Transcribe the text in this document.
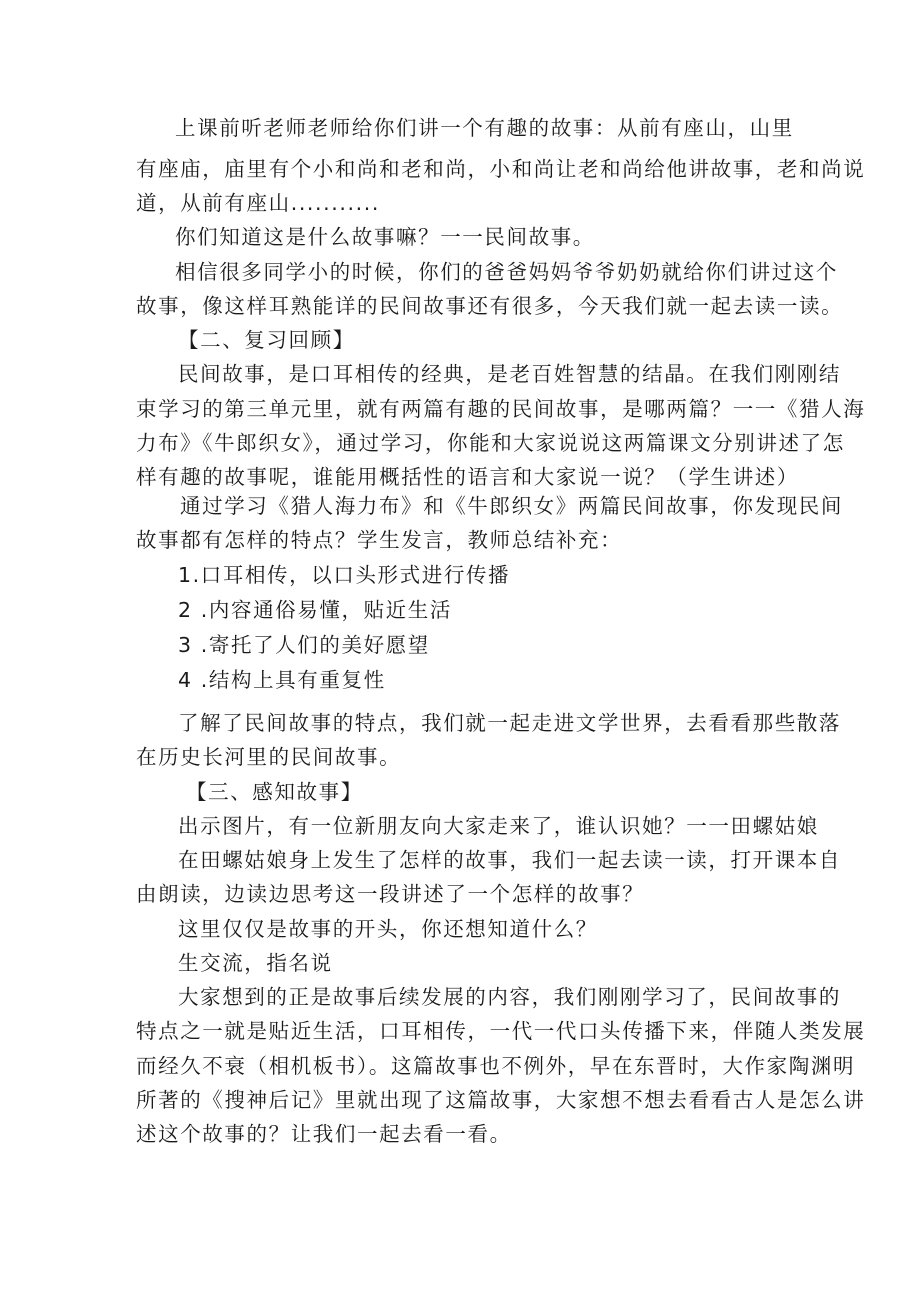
上课前听老师老师给你们讲一个有趣的故事：从前有座山，山里
有座庙，庙里有个小和尚和老和尚，小和尚让老和尚给他讲故事，老和尚说
道，从前有座山...........
你们知道这是什么故事嘛？一一民间故事。
相信很多同学小的时候，你们的爸爸妈妈爷爷奶奶就给你们讲过这个
故事，像这样耳熟能详的民间故事还有很多，今天我们就一起去读一读。
【二、复习回顾】
民间故事，是口耳相传的经典，是老百姓智慧的结晶。在我们刚刚结
束学习的第三单元里，就有两篇有趣的民间故事，是哪两篇？一一《猎人海
力布》《牛郎织女》，通过学习，你能和大家说说这两篇课文分别讲述了怎
样有趣的故事呢，谁能用概括性的语言和大家说一说？（学生讲述）
通过学习《猎人海力布》和《牛郎织女》两篇民间故事，你发现民间
故事都有怎样的特点？学生发言，教师总结补充：
1.口耳相传，以口头形式进行传播
2 .内容通俗易懂，贴近生活
3 .寄托了人们的美好愿望
4 .结构上具有重复性
了解了民间故事的特点，我们就一起走进文学世界，去看看那些散落
在历史长河里的民间故事。
【三、感知故事】
出示图片，有一位新朋友向大家走来了，谁认识她？一一田螺姑娘
在田螺姑娘身上发生了怎样的故事，我们一起去读一读，打开课本自
由朗读，边读边思考这一段讲述了一个怎样的故事？
这里仅仅是故事的开头，你还想知道什么？
生交流，指名说
大家想到的正是故事后续发展的内容，我们刚刚学习了，民间故事的
特点之一就是贴近生活，口耳相传，一代一代口头传播下来，伴随人类发展
而经久不衰（相机板书）。这篇故事也不例外，早在东晋时，大作家陶渊明
所著的《搜神后记》里就出现了这篇故事，大家想不想去看看古人是怎么讲
述这个故事的？让我们一起去看一看。
